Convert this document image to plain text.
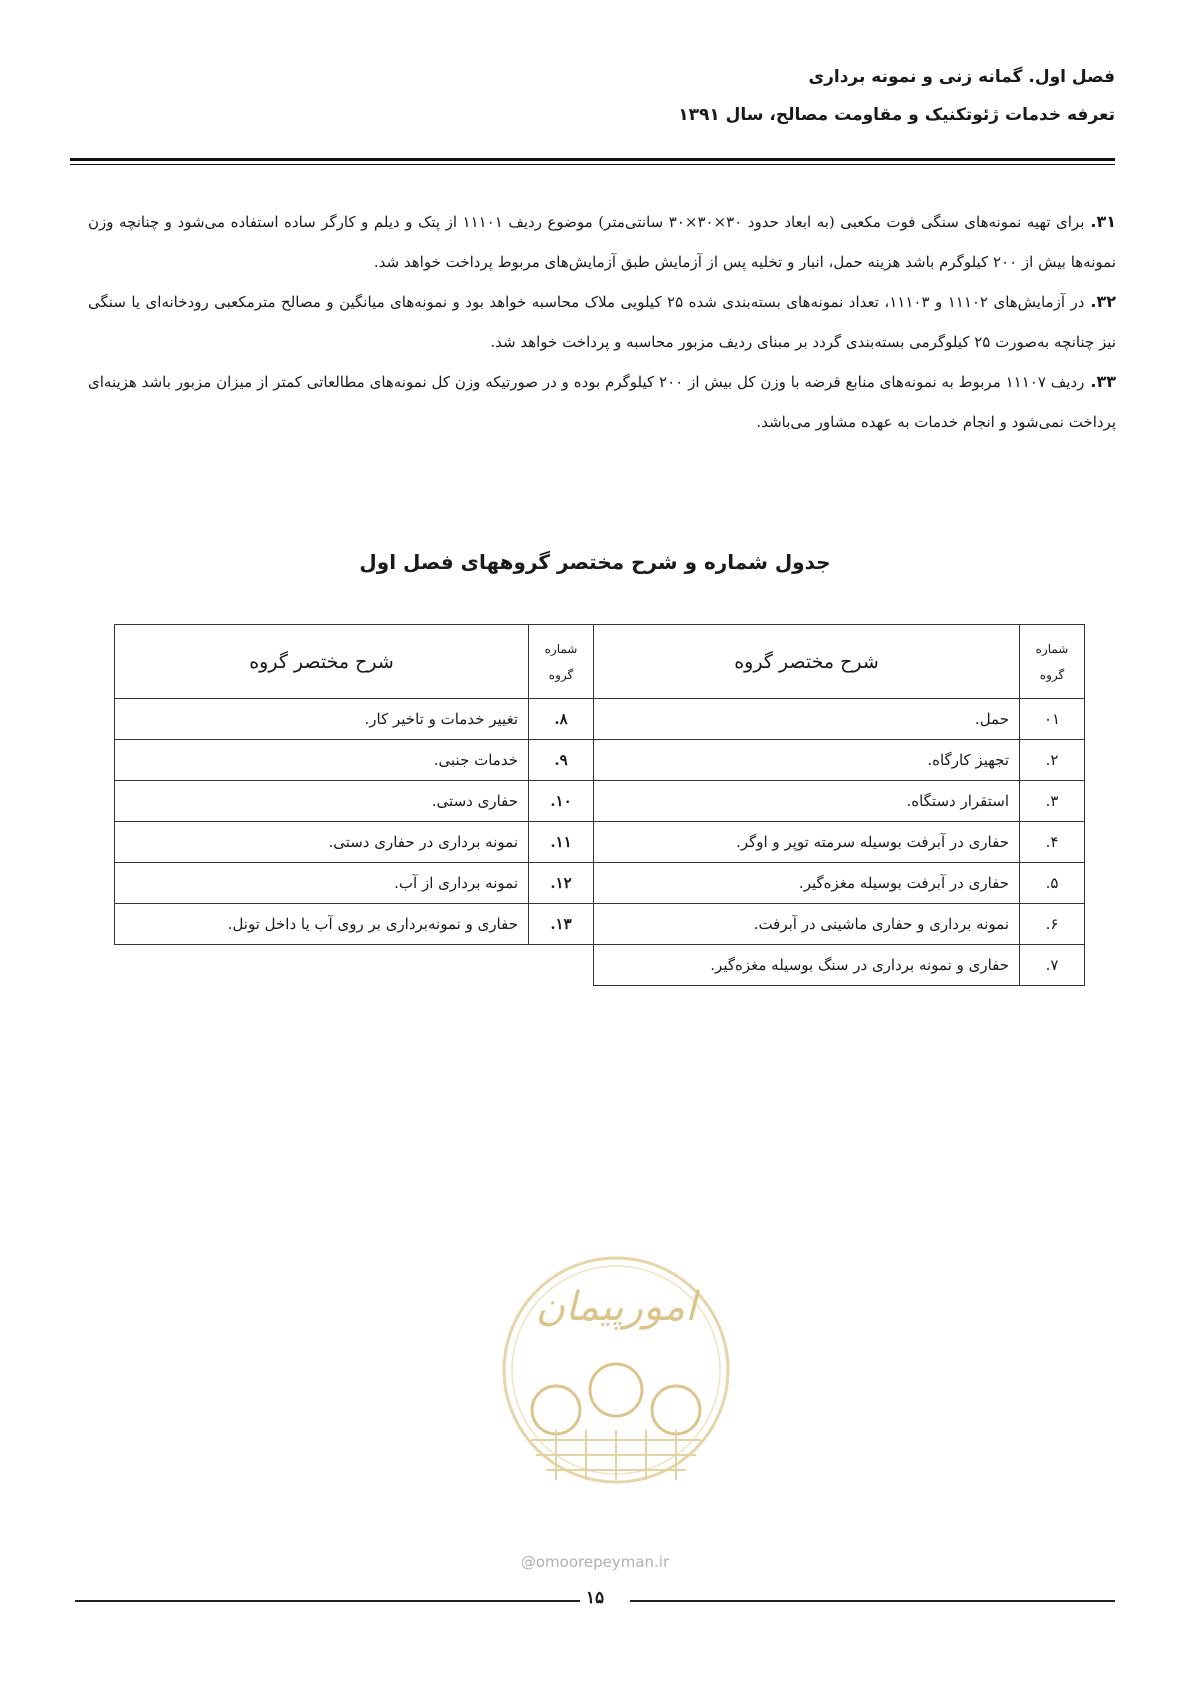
فصل اول. گمانه زنی و نمونه برداری
تعرفه خدمات ژئوتکنیک و مقاومت مصالح، سال ۱۳۹۱

۳۱.برای تهیه نمونه‌های سنگی فوت مکعبی (به ابعاد حدود ۳۰×۳۰×۳۰ سانتی‌متر) موضوع ردیف ۱۱۱۰۱ از پتک و دیلم و کارگر ساده استفاده می‌شود و چنانچه وزن نمونه‌ها بیش از ۲۰۰ کیلوگرم باشد هزینه حمل، انبار و تخلیه پس از آزمایش طبق آزمایش‌های مربوط پرداخت خواهد شد.

۳۲.در آزمایش‌های ۱۱۱۰۲ و ۱۱۱۰۳، تعداد نمونه‌های بسته‌بندی شده ۲۵ کیلویی ملاک محاسبه خواهد بود و نمونه‌های میانگین و مصالح مترمکعبی رودخانه‌ای یا سنگی نیز چنانچه به‌صورت ۲۵ کیلوگرمی بسته‌بندی گردد بر مبنای ردیف مزبور محاسبه و پرداخت خواهد شد.

۳۳.ردیف ۱۱۱۰۷ مربوط به نمونه‌های منابع قرضه با وزن کل بیش از ۲۰۰ کیلوگرم بوده و در صورتیکه وزن کل نمونه‌های مطالعاتی کمتر از میزان مزبور باشد هزینه‌ای پرداخت نمی‌شود و انجام خدمات به عهده مشاور می‌باشد.

جدول شماره و شرح مختصر گروههای فصل اول
شماره
گروه	شرح مختصر گروه
۰۱	حمل.
۲.	تجهیز کارگاه.
۳.	استقرار دستگاه.
۴.	حفاری در آبرفت بوسیله سرمته توپر و اوگر.
۵.	حفاری در آبرفت بوسیله مغزه‌گیر.
۶.	نمونه برداری و حفاری ماشینی در آبرفت.
۷.	حفاری و نمونه برداری در سنگ بوسیله مغزه‌گیر.
شماره
گروه	شرح مختصر گروه
۸.	تغییر خدمات و تاخیر کار.
۹.	خدمات جنبی.
۱۰.	حفاری دستی.
۱۱.	نمونه برداری در حفاری دستی.
۱۲.	نمونه برداری از آب.
۱۳.	حفاری و نمونه‌برداری بر روی آب یا داخل تونل.
امورپیمان
@omoorepeyman.ir
۱۵
